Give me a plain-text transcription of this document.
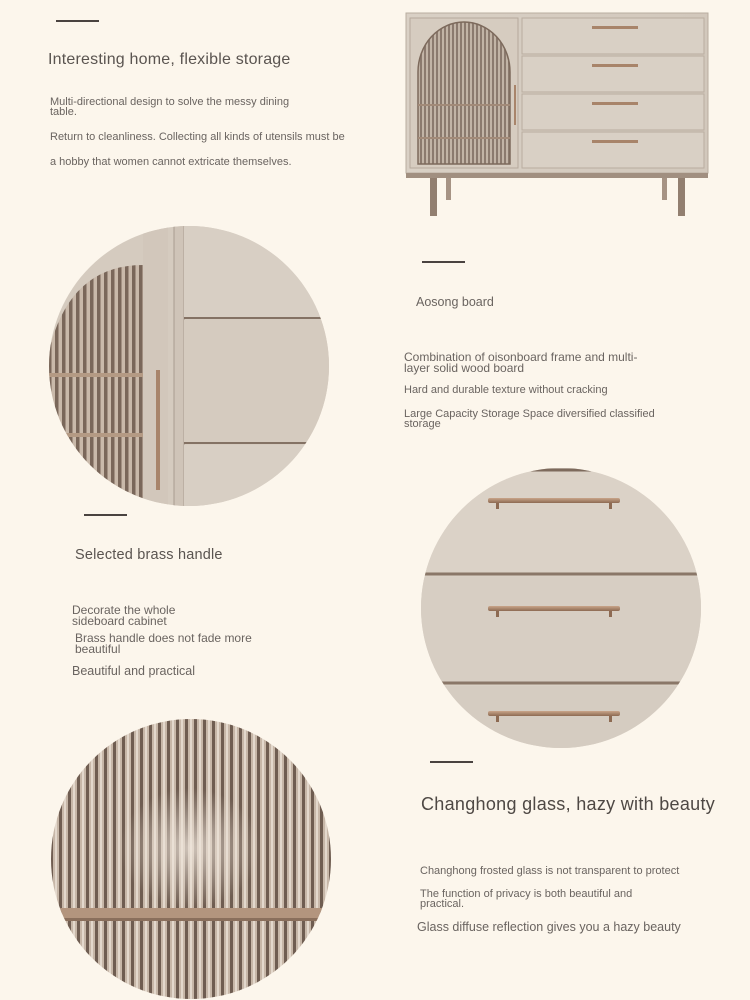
Interesting home, flexible storage
Multi-directional design to solve the messy dining table.
Return to cleanliness. Collecting all kinds of utensils must be
a hobby that women cannot extricate themselves.
Aosong board
Combination of oisonboard frame and multi-layer solid wood board
Hard and durable texture without cracking
Large Capacity Storage Space diversified classified storage
Selected brass handle
Decorate the whole sideboard cabinet
Brass handle does not fade more beautiful
Beautiful and practical
Changhong glass, hazy with beauty
Changhong frosted glass is not transparent to protect
The function of privacy is both beautiful and practical.
Glass diffuse reflection gives you a hazy beauty
